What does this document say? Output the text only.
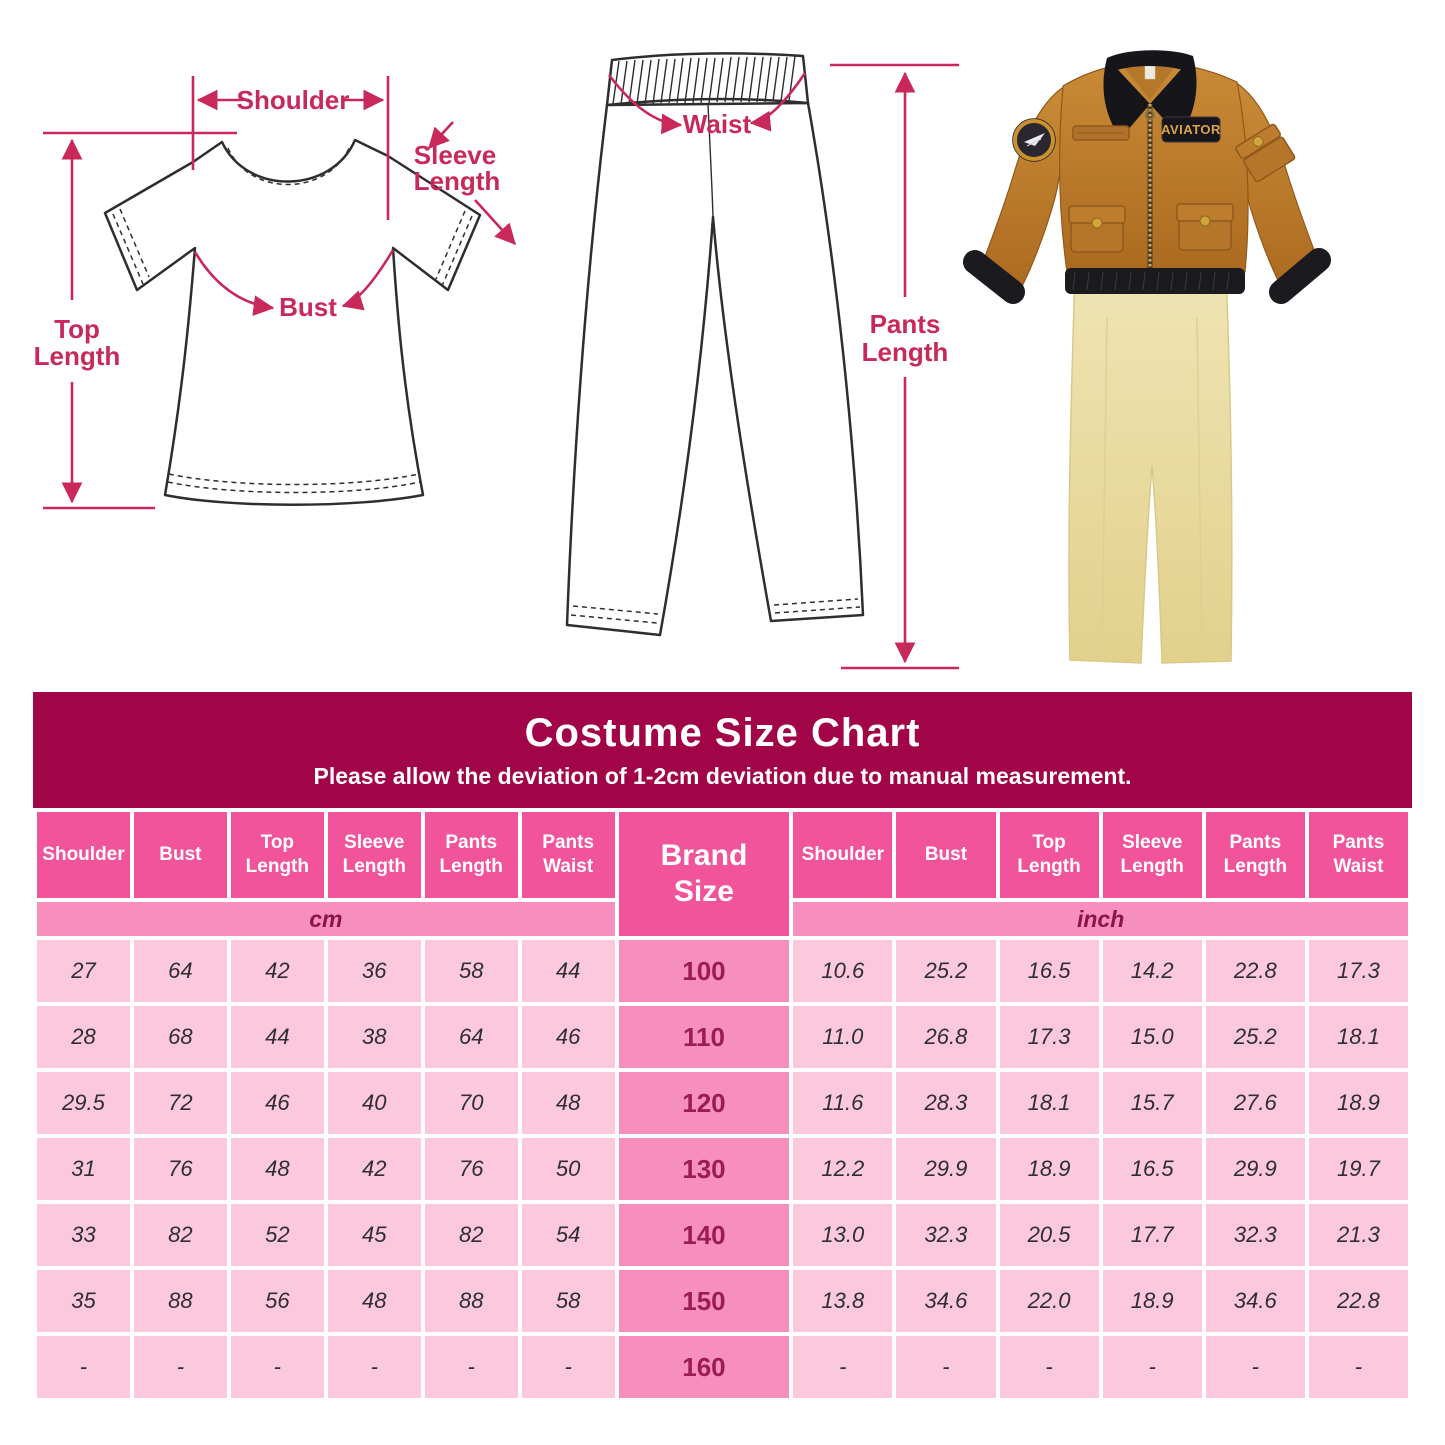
Shoulder
Sleeve
Length
Top
Length
Bust
Waist
Pants
Length
AVIATOR
Costume Size Chart
Please allow the deviation of 1-2cm deviation due to manual measurement.
Shoulder	Bust	Top Length	Sleeve Length	Pants Length	Pants Waist	Brand Size	Shoulder	Bust	Top Length	Sleeve Length	Pants Length	Pants Waist
cm							inch					
27	64	42	36	58	44	100	10.6	25.2	16.5	14.2	22.8	17.3
28	68	44	38	64	46	110	11.0	26.8	17.3	15.0	25.2	18.1
29.5	72	46	40	70	48	120	11.6	28.3	18.1	15.7	27.6	18.9
31	76	48	42	76	50	130	12.2	29.9	18.9	16.5	29.9	19.7
33	82	52	45	82	54	140	13.0	32.3	20.5	17.7	32.3	21.3
35	88	56	48	88	58	150	13.8	34.6	22.0	18.9	34.6	22.8
-	-	-	-	-	-	160	-	-	-	-	-	-
